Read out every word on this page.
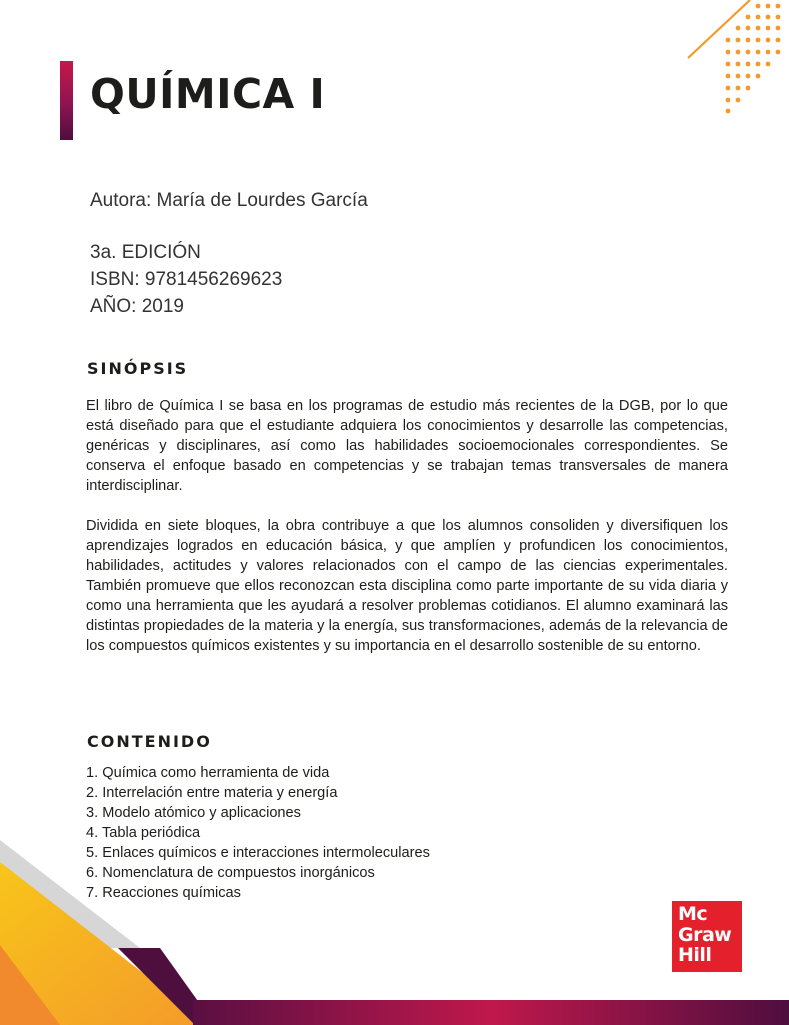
QUÍMICA I
Autora: María de Lourdes García
3a. EDICIÓN
ISBN: 9781456269623
AÑO: 2019
SINÓPSIS

El libro de Química I se basa en los programas de estudio más recientes de la DGB, por lo que está diseñado para que el estudiante adquiera los conocimientos y desarrolle las competencias, genéricas y disciplinares, así como las habilidades socioemocionales correspondientes. Se conserva el enfoque basado en competencias y se trabajan temas transversales de manera interdisciplinar.

Dividida en siete bloques, la obra contribuye a que los alumnos consoliden y diversifiquen los aprendizajes logrados en educación básica, y que amplíen y profundicen los conocimientos, habilidades, actitudes y valores relacionados con el campo de las ciencias experimentales. También promueve que ellos reconozcan esta disciplina como parte importante de su vida diaria y como una herramienta que les ayudará a resolver problemas cotidianos. El alumno examinará las distintas propiedades de la materia y la energía, sus transformaciones, además de la relevancia de los compuestos químicos existentes y su importancia en el desarrollo sostenible de su entorno.

CONTENIDO
1. Química como herramienta de vida
2. Interrelación entre materia y energía
3. Modelo atómico y aplicaciones
4. Tabla periódica
5. Enlaces químicos e interacciones intermoleculares
6. Nomenclatura de compuestos inorgánicos
7. Reacciones químicas
Mc
Graw
Hill
